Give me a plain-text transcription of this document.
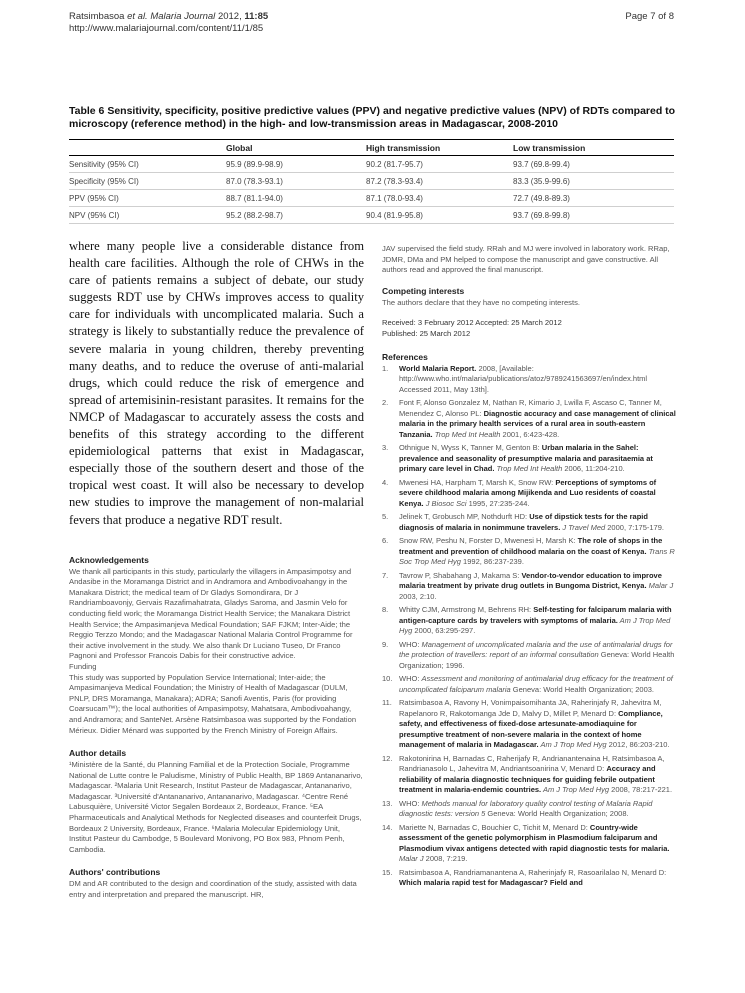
Ratsimbasoa et al. Malaria Journal 2012, 11:85
http://www.malariajournal.com/content/11/1/85
Page 7 of 8
Table 6 Sensitivity, specificity, positive predictive values (PPV) and negative predictive values (NPV) of RDTs compared to microscopy (reference method) in the high- and low-transmission areas in Madagascar, 2008-2010
	Global	High transmission	Low transmission
Sensitivity (95% CI)	95.9 (89.9-98.9)	90.2 (81.7-95.7)	93.7 (69.8-99.4)
Specificity (95% CI)	87.0 (78.3-93.1)	87.2 (78.3-93.4)	83.3 (35.9-99.6)
PPV (95% CI)	88.7 (81.1-94.0)	87.1 (78.0-93.4)	72.7 (49.8-89.3)
NPV (95% CI)	95.2 (88.2-98.7)	90.4 (81.9-95.8)	93.7 (69.8-99.8)

where many people live a considerable distance from health care facilities. Although the role of CHWs in the care of patients remains a subject of debate, our study suggests RDT use by CHWs improves access to quality care for individuals with uncomplicated malaria. Such a strategy is likely to substantially reduce the prevalence of severe malaria in young children, thereby preventing many deaths, and to reduce the overuse of anti-malarial drugs, which could reduce the risk of emergence and spread of artemisinin-resistant parasites. It remains for the NMCP of Madagascar to accurately assess the costs and benefits of this strategy according to the different epidemiological patterns that exist in Madagascar, especially those of the southern desert and those of the tropical west coast. It will also be necessary to develop new studies to improve the management of non-malarial fevers that produce a negative RDT result.

Acknowledgements

We thank all participants in this study, particularly the villagers in Ampasimpotsy and Andasibe in the Moramanga District and in Andramora and Ambodivoahangy in the Manakara District; the medical team of Dr Gladys Somondirara, Dr J Randriamboavonjy, Gervais Razafimahatrata, Gladys Saroma, and Jasmin Velo for conducting field work; the Moramanga District Health Service; the Manakara District Health Service; the Ampasimanjeva Medical Foundation; SAF FJKM; Inter-Aide; the Reggio Terzzo Mondo; and the Madagascar National Malaria Control Programme for their active involvement in the study. We also thank Dr Luciano Tuseo, Dr Franco Pagnoni and Professor Francois Dabis for their constructive advice.

Funding

This study was supported by Population Service International; Inter-aide; the Ampasimanjeva Medical Foundation; the Ministry of Health of Madagascar (DULM, PNLP, DRS Moramanga, Manakara); ADRA; Sanofi Aventis, Paris (for providing Coarsucam™); the local authorities of Ampasimpotsy, Mahatsara, Ambodivoahangy, and Andramora; and SanteNet. Arsène Ratsimbasoa was supported by the Fondation Mérieux. Didier Ménard was supported by the French Ministry of Foreign Affairs.

Author details

¹Ministère de la Santé, du Planning Familial et de la Protection Sociale, Programme National de Lutte contre le Paludisme, Ministry of Public Health, BP 1869 Antananarivo, Madagascar. ²Malaria Unit Research, Institut Pasteur de Madagascar, Antananarivo, Madagascar. ³Université d'Antananarivo, Antananarivo, Madagascar. ⁴Centre René Labusquière, Université Victor Segalen Bordeaux 2, Bordeaux, France. ⁵EA Pharmaceuticals and Analytical Methods for Neglected diseases and counterfeit Drugs, Bordeaux 2 University, Bordeaux, France. ⁶Malaria Molecular Epidemiology Unit, Institut Pasteur du Cambodge, 5 Boulevard Monivong, PO Box 983, Phnom Penh, Cambodia.

Authors' contributions

DM and AR contributed to the design and coordination of the study, assisted with data entry and interpretation and prepared the manuscript. HR,

JAV supervised the field study. RRah and MJ were involved in laboratory work. RRap, JDMR, DMa and PM helped to compose the manuscript and gave constructive. All authors read and approved the final manuscript.

Competing interests

The authors declare that they have no competing interests.

Received: 3 February 2012 Accepted: 25 March 2012

Published: 25 March 2012

References
1. World Malaria Report. 2008, [Available: http://www.who.int/malaria/publications/atoz/9789241563697/en/index.html Accessed 2011, May 13th].
2. Font F, Alonso Gonzalez M, Nathan R, Kimario J, Lwilla F, Ascaso C, Tanner M, Menendez C, Alonso PL: Diagnostic accuracy and case management of clinical malaria in the primary health services of a rural area in south-eastern Tanzania. Trop Med Int Health 2001, 6:423-428.
3. Othnigue N, Wyss K, Tanner M, Genton B: Urban malaria in the Sahel: prevalence and seasonality of presumptive malaria and parasitaemia at primary care level in Chad. Trop Med Int Health 2006, 11:204-210.
4. Mwenesi HA, Harpham T, Marsh K, Snow RW: Perceptions of symptoms of severe childhood malaria among Mijikenda and Luo residents of coastal Kenya. J Biosoc Sci 1995, 27:235-244.
5. Jelinek T, Grobusch MP, Nothdurft HD: Use of dipstick tests for the rapid diagnosis of malaria in nonimmune travelers. J Travel Med 2000, 7:175-179.
6. Snow RW, Peshu N, Forster D, Mwenesi H, Marsh K: The role of shops in the treatment and prevention of childhood malaria on the coast of Kenya. Trans R Soc Trop Med Hyg 1992, 86:237-239.
7. Tavrow P, Shabahang J, Makama S: Vendor-to-vendor education to improve malaria treatment by private drug outlets in Bungoma District, Kenya. Malar J 2003, 2:10.
8. Whitty CJM, Armstrong M, Behrens RH: Self-testing for falciparum malaria with antigen-capture cards by travelers with symptoms of malaria. Am J Trop Med Hyg 2000, 63:295-297.
9. WHO: Management of uncomplicated malaria and the use of antimalarial drugs for the protection of travellers: report of an informal consultation Geneva: World Health Organization; 1996.
10. WHO: Assessment and monitoring of antimalarial drug efficacy for the treatment of uncomplicated falciparum malaria Geneva: World Health Organization; 2003.
11. Ratsimbasoa A, Ravony H, Vonimpaisomihanta JA, Raherinjafy R, Jahevitra M, Rapelanoro R, Rakotomanga Jde D, Malvy D, Millet P, Menard D: Compliance, safety, and effectiveness of fixed-dose artesunate-amodiaquine for presumptive treatment of non-severe malaria in the context of home management of malaria in Madagascar. Am J Trop Med Hyg 2012, 86:203-210.
12. Rakotonirina H, Barnadas C, Raherijafy R, Andrianantenaina H, Ratsimbasoa A, Randrianasolo L, Jahevitra M, Andriantsoanirina V, Menard D: Accuracy and reliability of malaria diagnostic techniques for guiding febrile outpatient treatment in malaria-endemic countries. Am J Trop Med Hyg 2008, 78:217-221.
13. WHO: Methods manual for laboratory quality control testing of Malaria Rapid diagnostic tests: version 5 Geneva: World Health Organization; 2008.
14. Mariette N, Barnadas C, Bouchier C, Tichit M, Menard D: Country-wide assessment of the genetic polymorphism in Plasmodium falciparum and Plasmodium vivax antigens detected with rapid diagnostic tests for malaria. Malar J 2008, 7:219.
15. Ratsimbasoa A, Randriamanantena A, Raherinjafy R, Rasoarilalao N, Menard D: Which malaria rapid test for Madagascar? Field and
